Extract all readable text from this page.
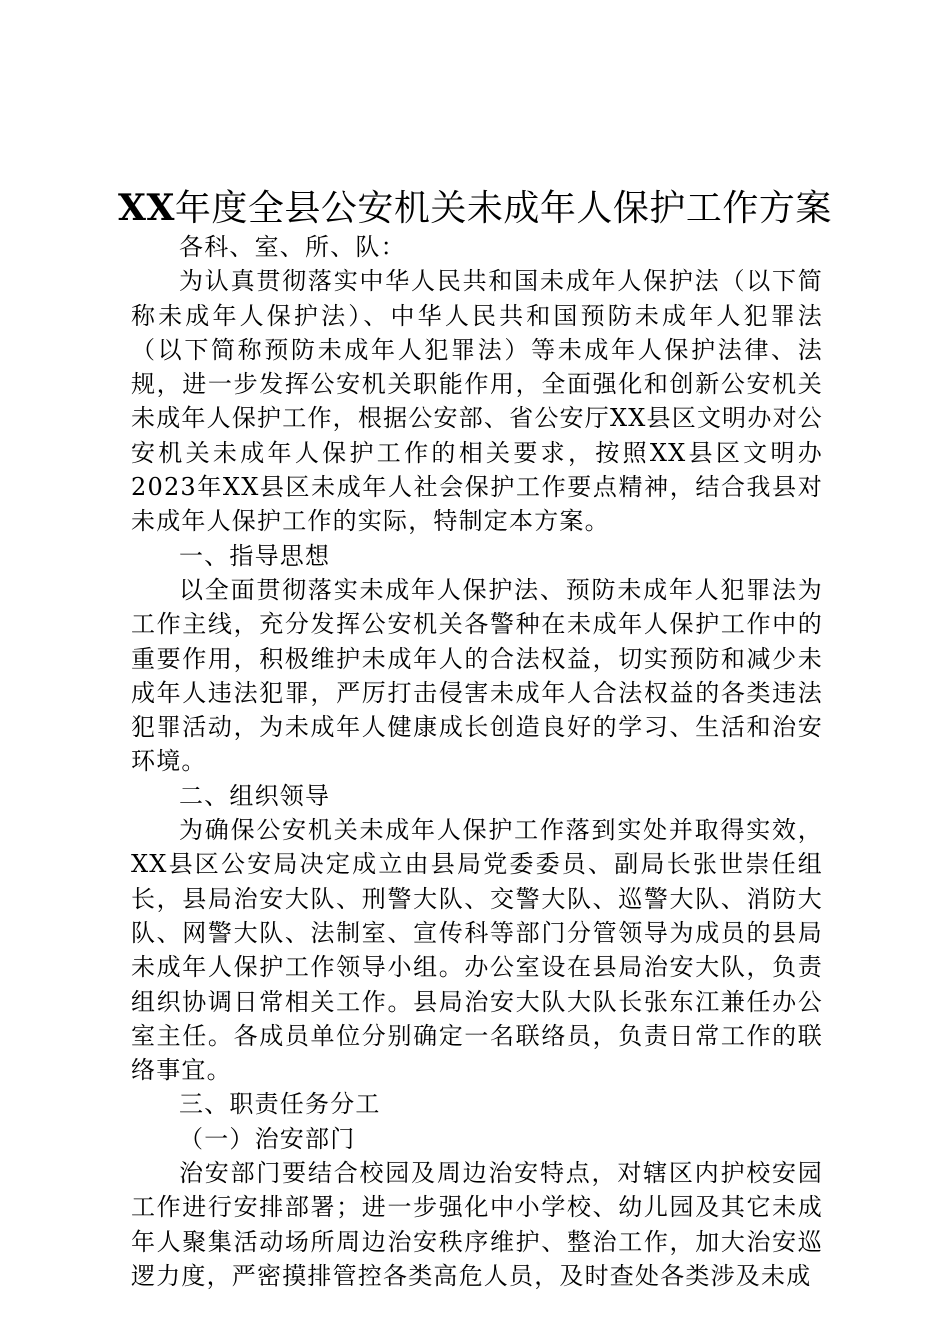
XX年度全县公安机关未成年人保护工作方案

各科、室、所、队：

为认真贯彻落实中华人民共和国未成年人保护法（以下简称未成年人保护法）、中华人民共和国预防未成年人犯罪法（以下简称预防未成年人犯罪法）等未成年人保护法律、法规，进一步发挥公安机关职能作用，全面强化和创新公安机关未成年人保护工作，根据公安部、省公安厅XX县区文明办对公安机关未成年人保护工作的相关要求，按照XX县区文明办2023年XX县区未成年人社会保护工作要点精神，结合我县对未成年人保护工作的实际，特制定本方案。

一、指导思想

以全面贯彻落实未成年人保护法、预防未成年人犯罪法为工作主线，充分发挥公安机关各警种在未成年人保护工作中的重要作用，积极维护未成年人的合法权益，切实预防和减少未成年人违法犯罪，严厉打击侵害未成年人合法权益的各类违法犯罪活动，为未成年人健康成长创造良好的学习、生活和治安环境。

二、组织领导

为确保公安机关未成年人保护工作落到实处并取得实效，XX县区公安局决定成立由县局党委委员、副局长张世崇任组长，县局治安大队、刑警大队、交警大队、巡警大队、消防大队、网警大队、法制室、宣传科等部门分管领导为成员的县局未成年人保护工作领导小组。办公室设在县局治安大队，负责组织协调日常相关工作。县局治安大队大队长张东江兼任办公室主任。各成员单位分别确定一名联络员，负责日常工作的联络事宜。

三、职责任务分工

（一）治安部门

治安部门要结合校园及周边治安特点，对辖区内护校安园工作进行安排部署；进一步强化中小学校、幼儿园及其它未成年人聚集活动场所周边治安秩序维护、整治工作，加大治安巡逻力度，严密摸排管控各类高危人员，及时查处各类涉及未成
